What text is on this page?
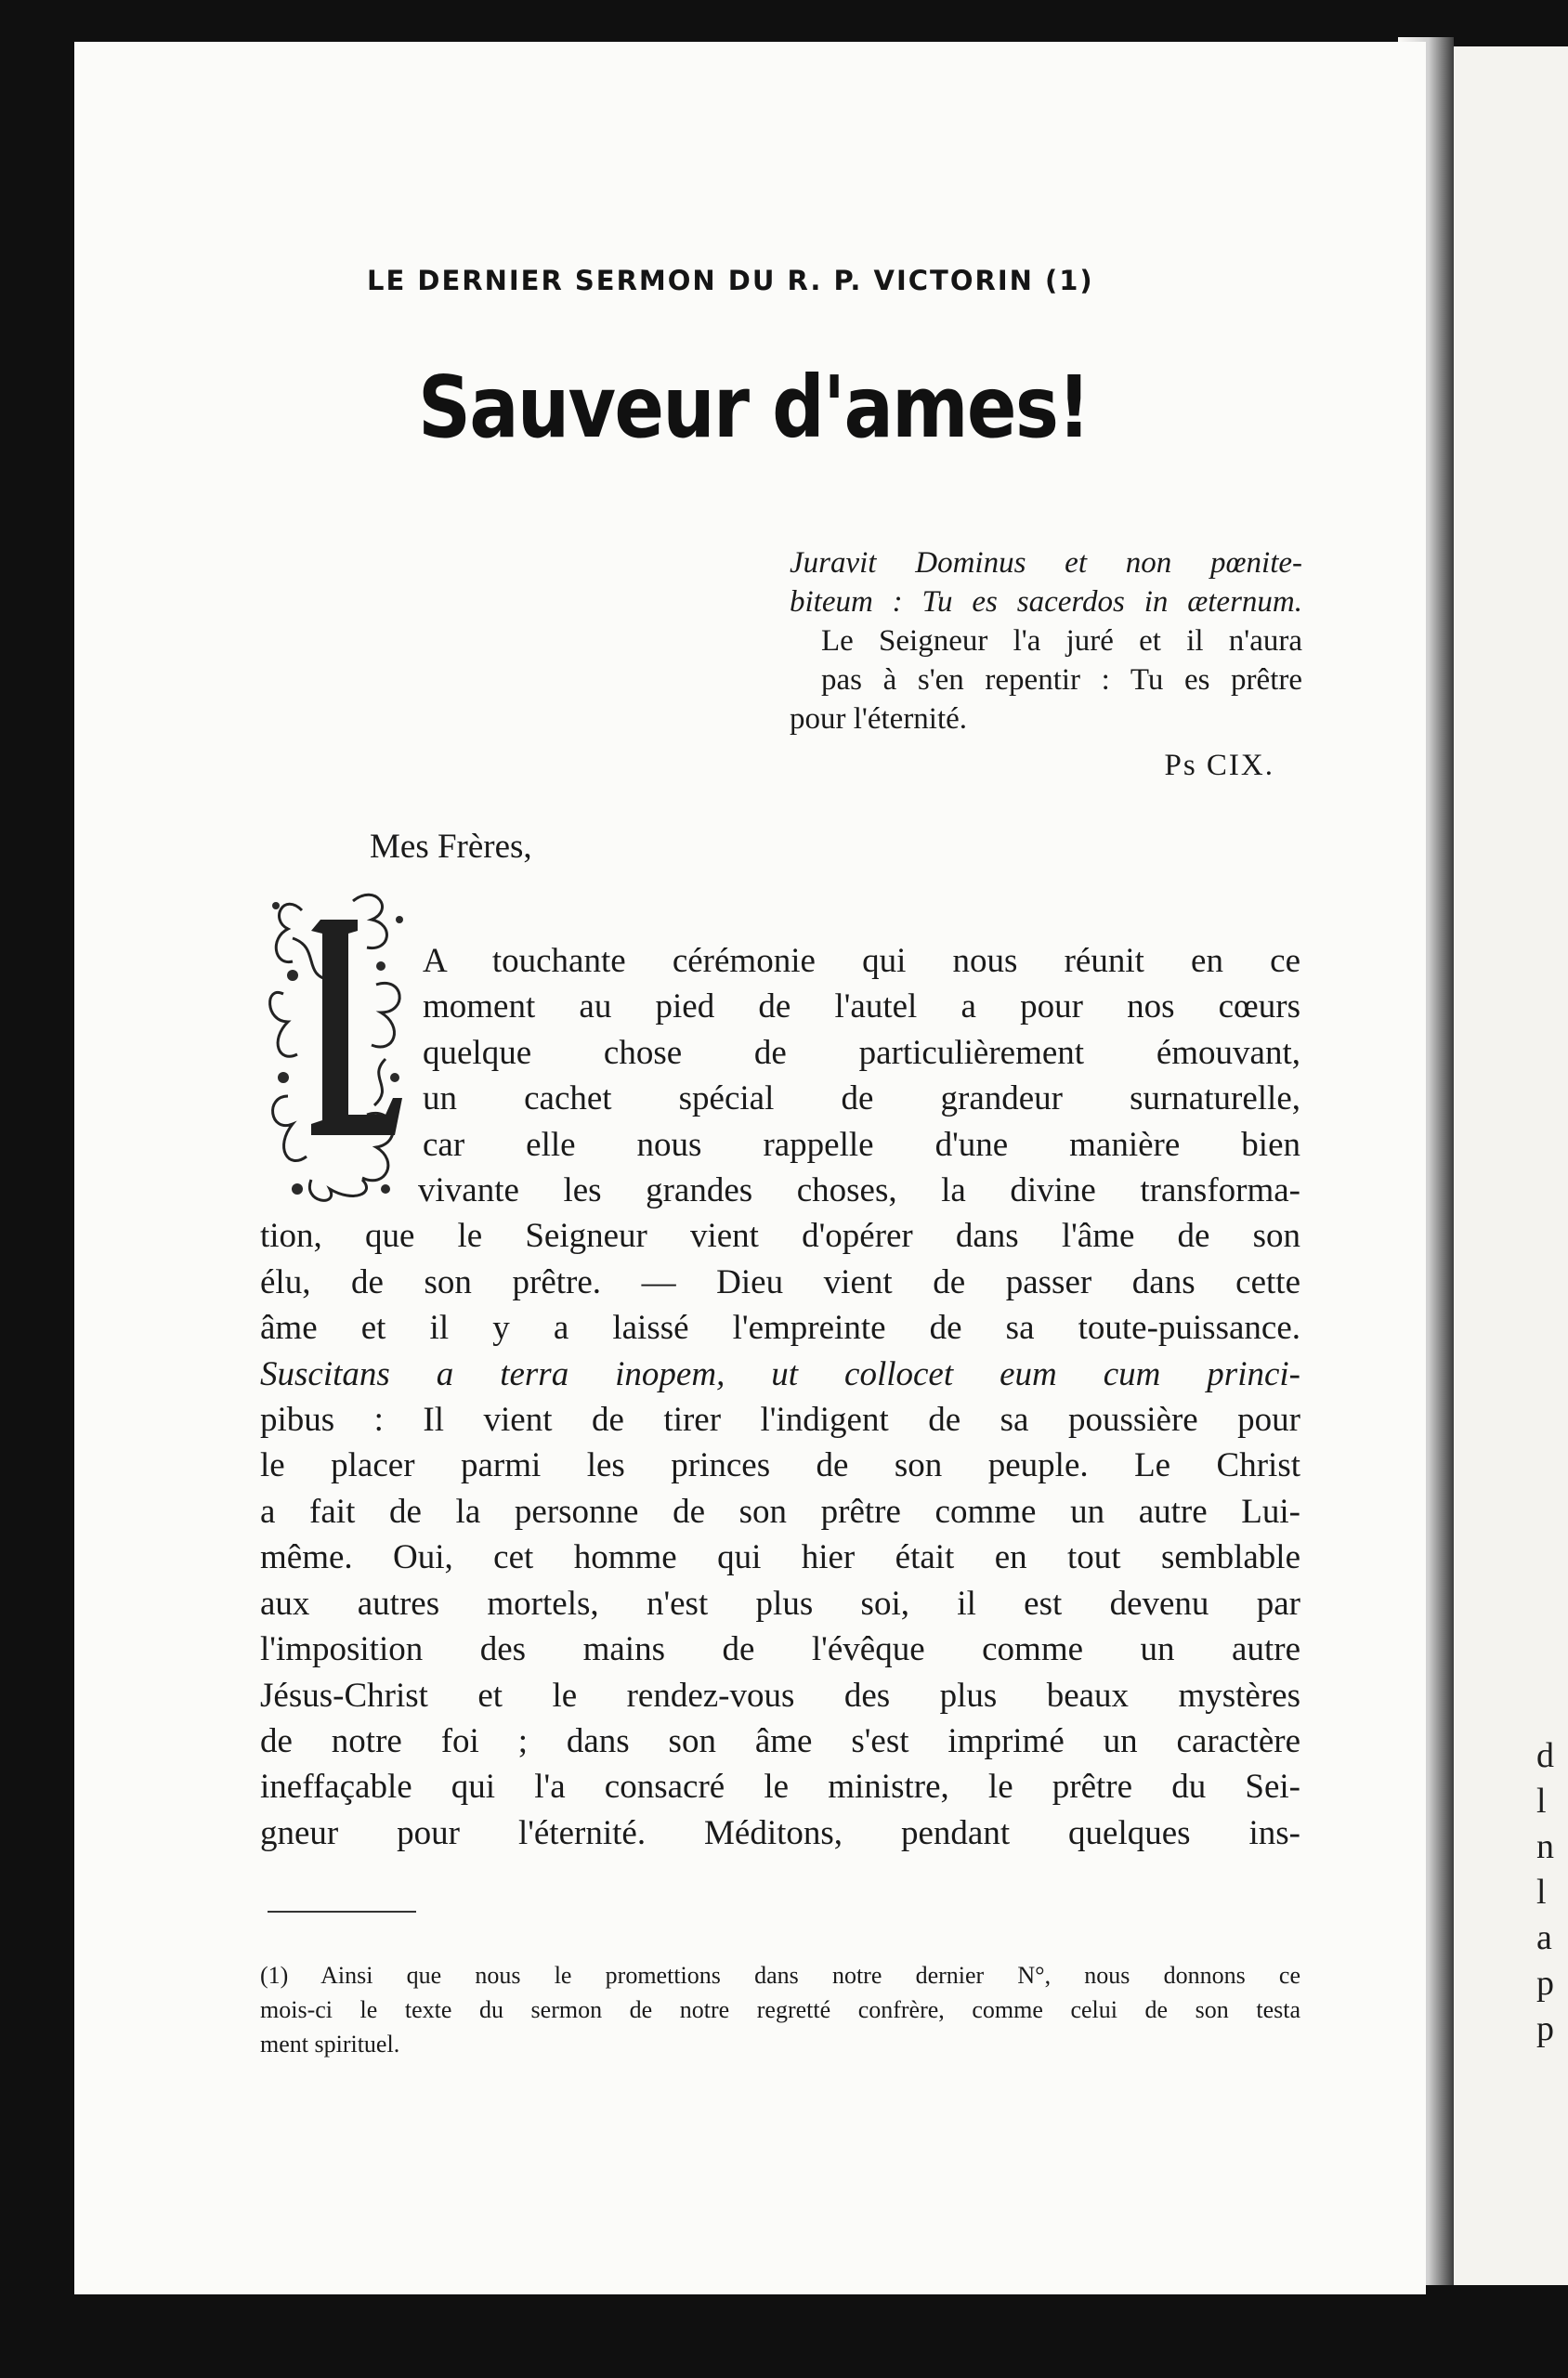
d
l
n
l
a
p
p
LE DERNIER SERMON DU R. P. VICTORIN (1)
Sauveur d'ames!
Juravit Dominus et non pœnite-
biteum : Tu es sacerdos in æternum.
Le Seigneur l'a juré et il n'aura
pas à s'en repentir : Tu es prêtre
pour l'éternité.
Ps CIX.
Mes Frères,
A touchante cérémonie qui nous réunit en ce
moment au pied de l'autel a pour nos cœurs
quelque chose de particulièrement émouvant,
un cachet spécial de grandeur surnaturelle,
car elle nous rappelle d'une manière bien
vivante les grandes choses, la divine transforma-
tion, que le Seigneur vient d'opérer dans l'âme de son
élu, de son prêtre. — Dieu vient de passer dans cette
âme et il y a laissé l'empreinte de sa toute-puissance.
Suscitans a terra inopem, ut collocet eum cum princi-
pibus : Il vient de tirer l'indigent de sa poussière pour
le placer parmi les princes de son peuple. Le Christ
a fait de la personne de son prêtre comme un autre Lui-
même. Oui, cet homme qui hier était en tout semblable
aux autres mortels, n'est plus soi, il est devenu par
l'imposition des mains de l'évêque comme un autre
Jésus-Christ et le rendez-vous des plus beaux mystères
de notre foi ; dans son âme s'est imprimé un caractère
ineffaçable qui l'a consacré le ministre, le prêtre du Sei-
gneur pour l'éternité. Méditons, pendant quelques ins-
(1) Ainsi que nous le promettions dans notre dernier N°, nous donnons ce
mois-ci le texte du sermon de notre regretté confrère, comme celui de son testa
ment spirituel.
